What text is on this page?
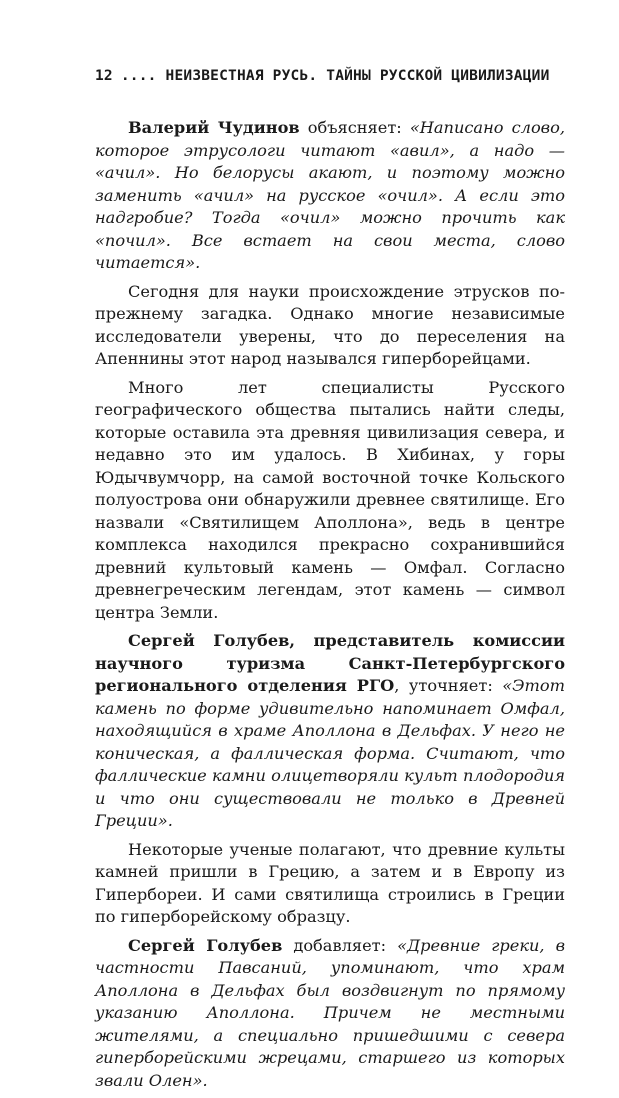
12 .... НЕИЗВЕСТНАЯ РУСЬ. ТАЙНЫ РУССКОЙ ЦИВИЛИЗАЦИИ

Валерий Чудинов объясняет: «Написано слово, которое этрусологи читают «авил», а надо — «ачил». Но белорусы акают, и поэтому можно заменить «ачил» на русское «очил». А если это надгробие? Тогда «очил» можно прочить как «почил». Все встает на свои места, слово читается».

Сегодня для науки происхождение этрусков по-прежнему загадка. Однако многие независимые исследователи уверены, что до переселения на Апеннины этот народ назывался гиперборейцами.

Много лет специалисты Русского географического общества пытались найти следы, которые оставила эта древняя цивилизация севера, и недавно это им удалось. В Хибинах, у горы Юдычвумчорр, на самой восточной точке Кольского полуострова они обнаружили древнее святилище. Его назвали «Святилищем Аполлона», ведь в центре комплекса находился прекрасно сохранившийся древний культовый камень — Омфал. Согласно древнегреческим легендам, этот камень — символ центра Земли.

Сергей Голубев, представитель комиссии научного туризма Санкт-Петербургского регионального отделения РГО, уточняет: «Этот камень по форме удивительно напоминает Омфал, находящийся в храме Аполлона в Дельфах. У него не коническая, а фаллическая форма. Считают, что фаллические камни олицетворяли культ плодородия и что они существовали не только в Древней Греции».

Некоторые ученые полагают, что древние культы камней пришли в Грецию, а затем и в Европу из Гипербореи. И сами святилища строились в Греции по гиперборейскому образцу.

Сергей Голубев добавляет: «Древние греки, в частности Павсаний, упоминают, что храм Аполлона в Дельфах был воздвигнут по прямому указанию Аполлона. Причем не местными жителями, а специально пришедшими с севера гиперборейскими жрецами, старшего из которых звали Олен».
